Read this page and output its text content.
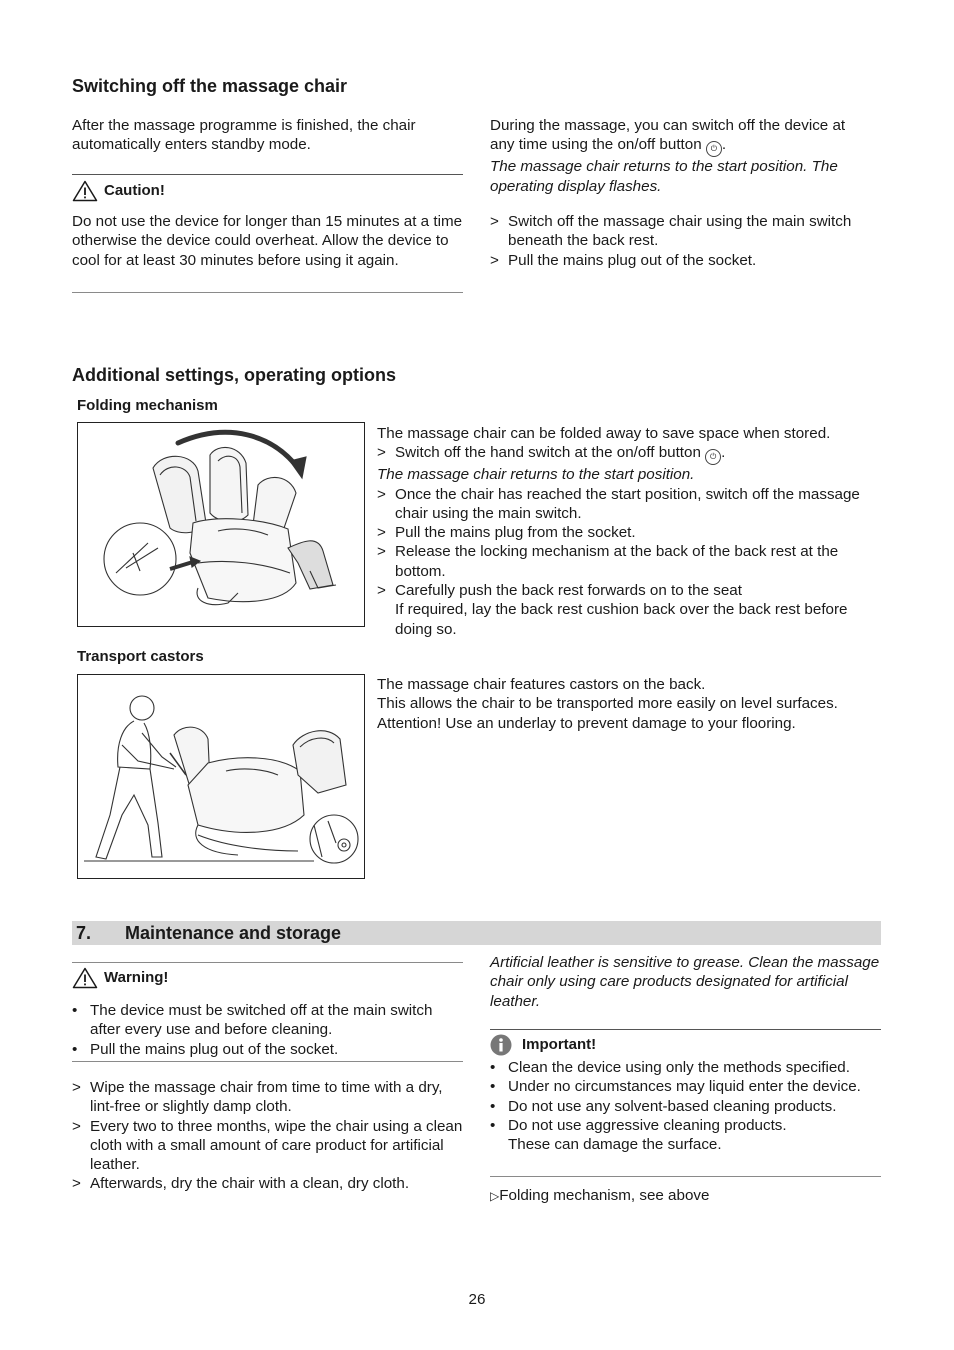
Switching off the massage chair

After the massage programme is finished, the chair automatically enters standby mode.

Caution!

Do not use the device for longer than 15 minutes at a time otherwise the device could overheat. Allow the device to cool for at least 30 minutes before using it again.

During the massage, you can switch off the device at

any time using the on/off button ⏻ .

The massage chair returns to the start position. The operating display flashes.

> Switch off the massage chair using the main switch beneath the back rest.
> Pull the mains plug out of the socket.
Additional settings, operating options
Folding mechanism

The massage chair can be folded away to save space when stored.

> Switch off the hand switch at the on/off button ⏻ .

The massage chair returns to the start position.

> Once the chair has reached the start position, switch off the massage chair using the main switch.
> Pull the mains plug from the socket.
> Release the locking mechanism at the back of the back rest at the bottom.
> Carefully push the back rest forwards on to the seat

If required, lay the back rest cushion back over the back rest before doing so.

Transport castors

The massage chair features castors on the back.

This allows the chair to be transported more easily on level surfaces.

Attention! Use an underlay to prevent damage to your flooring.

7. Maintenance and storage
Warning!
• The device must be switched off at the main switch after every use and before cleaning.
• Pull the mains plug out of the socket.
> Wipe the massage chair from time to time with a dry, lint-free or slightly damp cloth.
> Every two to three months, wipe the chair using a clean cloth with a small amount of care product for artificial leather.
> Afterwards, dry the chair with a clean, dry cloth.

Artificial leather is sensitive to grease. Clean the massage chair only using care products designated for artificial leather.

Important!
• Clean the device using only the methods specified.
• Under no circumstances may liquid enter the device.
• Do not use any solvent-based cleaning products.
• Do not use aggressive cleaning products.
These can damage the surface.

▷Folding mechanism, see above

26
